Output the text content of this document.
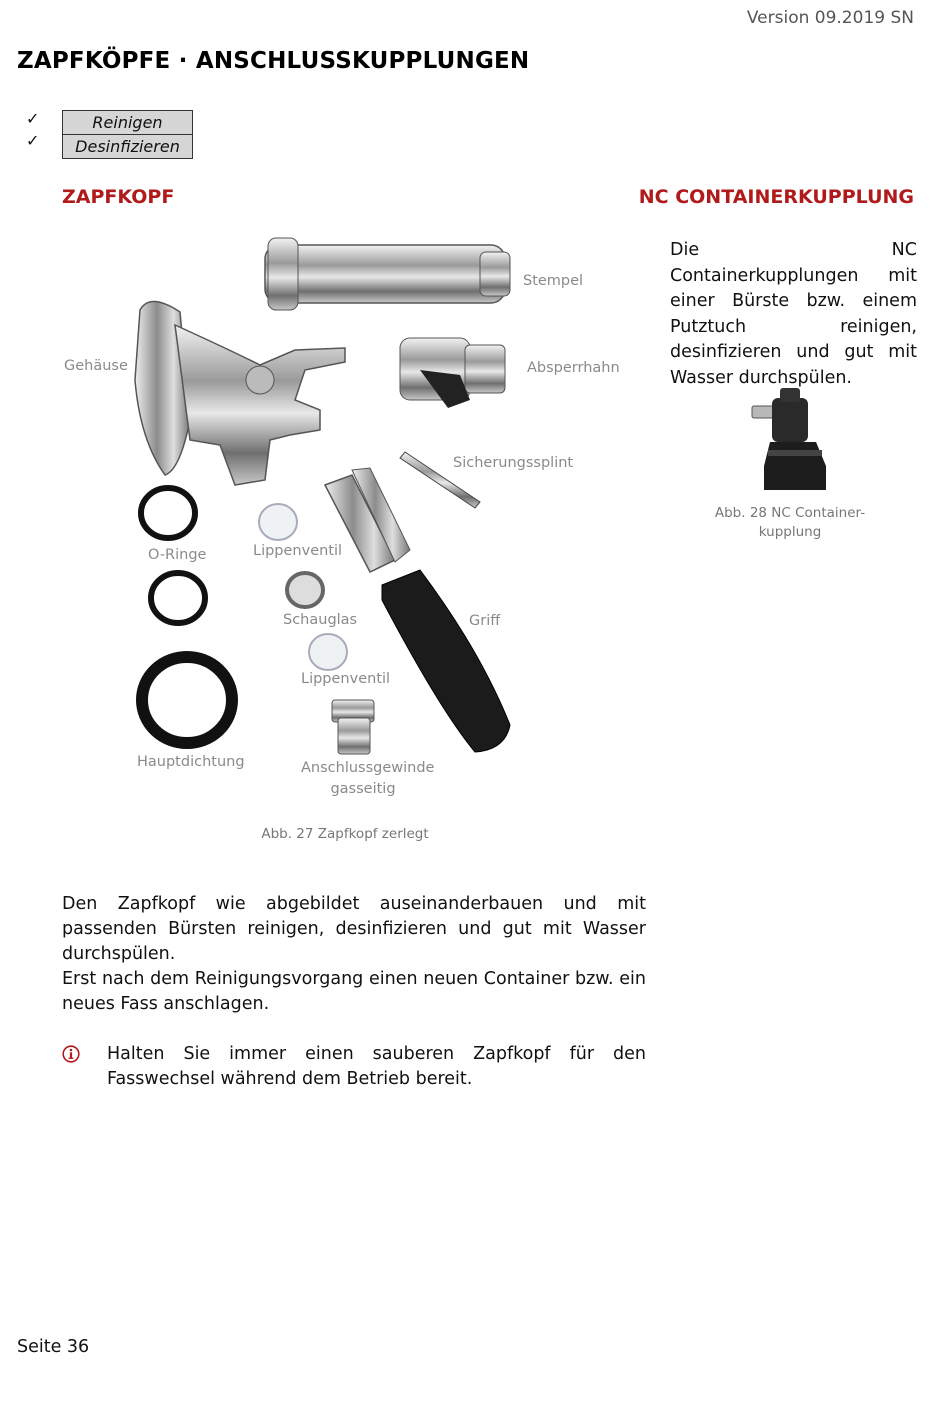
Version 09.2019 SN
ZAPFKÖPFE · ANSCHLUSSKUPPLUNGEN
✓
✓
Reinigen
Desinfizieren
ZAPFKOPF	NC CONTAINERKUPPLUNG
Die NC Containerkupplungen mit einer Bürste bzw. einem Putztuch reinigen, desinfizieren und gut mit Wasser durchspülen.
Stempel
Gehäuse	Absperrhahn
Sicherungssplint
O-Ringe	Lippenventil
Schauglas	Griff
Lippenventil
Hauptdichtung	Anschlussgewinde
gasseitig
Abb. 27 Zapfkopf zerlegt
Abb. 28 NC Container-
kupplung
Den Zapfkopf wie abgebildet auseinanderbauen und mit passenden Bürsten reinigen, desinfizieren und gut mit Wasser durchspülen.
Erst nach dem Reinigungsvorgang einen neuen Container bzw. ein neues Fass anschlagen.
Halten Sie immer einen sauberen Zapfkopf für den Fasswechsel während dem Betrieb bereit.
Seite 36
